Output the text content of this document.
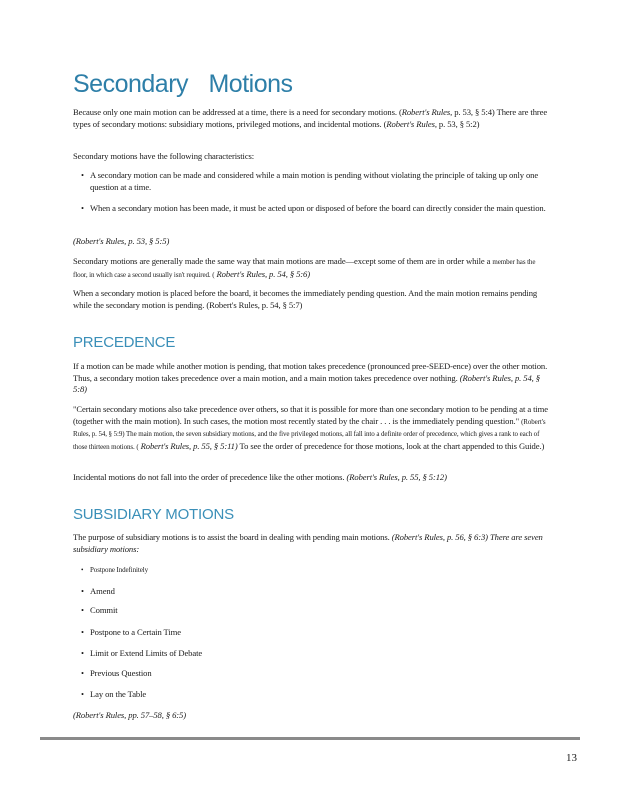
Secondary Motions

Because only one main motion can be addressed at a time, there is a need for secondary motions. (Robert's Rules, p. 53, § 5:4) There are three types of secondary motions: subsidiary motions, privileged motions, and incidental motions. (Robert's Rules, p. 53, § 5:2)

Secondary motions have the following characteristics:

• A secondary motion can be made and considered while a main motion is pending without violating the principle of taking up only one question at a time.
• When a secondary motion has been made, it must be acted upon or disposed of before the board can directly consider the main question.

(Robert's Rules, p. 53, § 5:5)

Secondary motions are generally made the same way that main motions are made—except some of them are in order while a member has the floor, in which case a second usually isn't required. ( Robert's Rules, p. 54, § 5:6)

When a secondary motion is placed before the board, it becomes the immediately pending question. And the main motion remains pending while the secondary motion is pending. (Robert's Rules, p. 54, § 5:7)

PRECEDENCE

If a motion can be made while another motion is pending, that motion takes precedence (pronounced pree-SEED-ence) over the other motion. Thus, a secondary motion takes precedence over a main motion, and a main motion takes precedence over nothing. (Robert's Rules, p. 54, § 5:8)

"Certain secondary motions also take precedence over others, so that it is possible for more than one secondary motion to be pending at a time (together with the main motion). In such cases, the motion most recently stated by the chair . . . is the immediately pending question." (Robert's Rules, p. 54, § 5:9) The main motion, the seven subsidiary motions, and the five privileged motions, all fall into a definite order of precedence, which gives a rank to each of those thirteen motions. ( Robert's Rules, p. 55, § 5:11) To see the order of precedence for those motions, look at the chart appended to this Guide.)

Incidental motions do not fall into the order of precedence like the other motions. (Robert's Rules, p. 55, § 5:12)

SUBSIDIARY MOTIONS

The purpose of subsidiary motions is to assist the board in dealing with pending main motions. (Robert's Rules, p. 56, § 6:3) There are seven subsidiary motions:

• Postpone Indefinitely
• Amend
• Commit
• Postpone to a Certain Time
• Limit or Extend Limits of Debate
• Previous Question
• Lay on the Table

(Robert's Rules, pp. 57–58, § 6:5)

13
